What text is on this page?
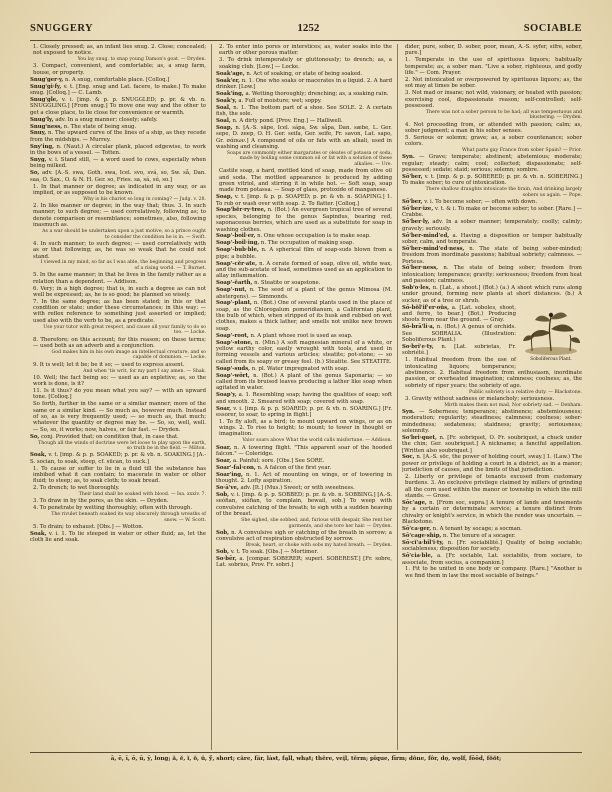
SNUGGERY	1252	SOCIABLE

1. Closely pressed; as, an infant lies snug. 2. Close; concealed; not exposed to notice.

You lay snug, to snap young Damon's goat. — Dryden.

3. Compact, convenient, and comfortable; as, a snug farm, house, or property.

Snug'ger·y, n. A snug, comfortable place. [Colloq.]

Snug'gi·fy, v. t. [Eng. snug and Lat. facere, to make.] To make snug. [Colloq.] — C. Lamb.

Snug'gle, v. i. [imp. & p. p. SNUGGLED; p. pr. & vb. n. SNUGGLING.] [From snug.] To move one way and the other to get a close place, to lie close for convenience or warmth.

Snug'ly, adv. In a snug manner; closely; safely.

Snug'ness, n. The state of being snug.

Snuy, n. The upward curve of the lines of a ship, as they recede from the midships. — Murrey.

Sny'ing, n. (Naut.) A circular plank, placed edgewise, to work in the bows of a vessel. — Totten.

Snyg, v. i. Stand still, — a word used to cows, especially when being milked.

So, adv. [A.-S. swa, Goth. swa, Icel. svo, svá, so, Sw. så, Dan. saa, O. Sax., O. & N. H. Ger. so, Fries. sa, sá, sú, so.]

1. In that manner or degree; as indicated in any way, or as implied, or as supposed to be known.

Why is his chariot so long in coming? — Judg. v. 28.

2. In like manner or degree; in the way that; thus. 3. In such manner; to such degree; — used correlatively, following as; to denote comparison or resemblance; sometimes, also, following inasmuch as.

As a war should be undertaken upon a just motive, so a prince ought to consider the condition he is in. — Swift.

4. In such manner; to such degree; — used correlatively with as or that following; as, he was so weak that he could not stand.

I viewed in my mind, so far as I was able, the beginning and progress of a rising world. — T. Burnet.

5. In the same manner; in that he lives in the family rather as a relation than a dependent. — Addison.

6. Very; in a high degree; that is, in such a degree as can not well be expressed; as, he is so good; he planned so wisely.

7. In the same degree; as has been stated; in this or that condition or state; under these circumstances; in this way; — with reflex reference to something just asserted or implied; used also with the verb to be, as a predicate.

Use your tutor with great respect, and cause all your family to do so too. — Locke.

8. Therefore; on this account; for this reason; on these terms; — used both as an adverb and a conjunction.

God makes him in his own image an intellectual creature, and so capable of dominion. — Locke.

9. It is well; let it be; be it so; — used to express assent.

And when 'tis writ, for my part I say amen. — Shak.

10. Well; the fact being so; — used as an expletive; as, so the work is done, is it?

11. Is it thus? do you mean what you say? — with an upward tone. [Colloq.]

So forth, further in the same or a similar manner; more of the same or a similar kind. — So much as, however much. Instead of so, as is very frequently used; — so much as, that much; whatever the quantity or degree may be. — So, so, well, well. — So, so, it works; now, halves, or fair fast. — Dryden.

So, conj. Provided that; on condition that, in case that.

Though all the winds of doctrine were let loose to play upon the earth, so truth be in the field. — Milton.

Soak, v. t. [imp. & p. p. SOAKED; p. pr. & vb. n. SOAKING.] [A.-S. socian, to soak, steep, cf. sūcan, to suck.]

1. To cause or suffer to lie in a fluid till the substance has imbibed what it can contain; to macerate in water or other fluid; to steep; as, to soak cloth; to soak bread.

2. To drench; to wet thoroughly.

Their land shall be soaked with blood. — Isa. xxxiv. 7.

3. To draw in by the pores, as the skin. — Dryden.

4. To penetrate by wetting thoroughly; often with through.

The rivulet beneath soaked its way obscurely through wreaths of snow. — W. Scott.

5. To drain; to exhaust. [Obs.] — Wotton.

Soak, v. i. 1. To lie steeped in water or other fluid; as, let the cloth lie and soak.

2. To enter into pores or interstices; as, water soaks into the earth or other porous matter.

3. To drink intemperately or gluttonously; to drench; as, a soaking club. [Low.] — Locke.

Soak'age, n. Act of soaking, or state of being soaked.

Soak'er, n. 1. One who soaks or macerates in a liquid. 2. A hard drinker. [Low.]

Soak'ing, a. Wetting thoroughly; drenching; as, a soaking rain.

Soak'y, a. Full of moisture; wet; soppy.

Soal, n. 1. The bottom part of a shoe. See SOLE. 2. A certain fish, the sole.

Soal, n. A dirty pond. [Prov. Eng.] — Halliwell.

Soap, n. [A.-S. sāpe, Icel. sápa, Sw. såpa, Dan. sæbe, L. Ger. sepe, D. zeep, O. H. Ger. seifa, Ger. seife, Fr. savon, Lat. sapo, Gr. σάπων.] A compound of oils or fats with an alkali, used in washing and cleansing.

Soaps are commonly either margarates or oleates of potassa or soda, made by boiling some common oil or fat with a solution of these alkalies. — Ure.

Castile soap, a hard, mottled kind of soap, made from olive oil and soda. The mottled appearance is produced by adding green vitriol, and stirring it in while hot. — Soft soap, soap made from potassa. — Soap of glass, protoxide of manganese.

Soap, v. t. [imp. & p. p. SOAPED; p. pr. & vb. n. SOAPING.] 1. To rub or wash over with soap. 2. To flatter. [Colloq.]

Soap'bĕr·ry·tree, n. (Bot.) An evergreen tropical tree of several species, belonging to the genus Sapindus, bearing red, saponaceous berries, which are used as a substitute for soap in washing clothes.

Soap'-boil·er, n. One whose occupation is to make soap.

Soap'-boil·ing, n. The occupation of making soap.

Soap'-bub·ble, n. A spherical film of soap-suds blown from a pipe; a bubble.

Soap'-cĕr·ate, n. A cerate formed of soap, olive oil, white wax, and the sub-acetate of lead, sometimes used as an application to allay inflammation.

Soap'-ĕarth, n. Steatite or soapstone.

Soap'-nut, n. The seed of a plant of the genus Mimosa (M. abstergens). — Simmonds.

Soap'-plant, n. (Bot.) One of several plants used in the place of soap, as the Chlorogalum pomeridianum, a Californian plant, the bulb of which, when stripped of its husk and rubbed on wet clothes, makes a thick lather, and smells not unlike new brown soap.

Soap'-root, n. A plant whose root is used as soap.

Soap'-stone, n. (Min.) A soft magnesian mineral of a white, or yellow earthy color, easily wrought with tools, and used in forming vessels and various articles; steatite; pot-stone; — so called from its soapy or greasy feel. (b.) Steatite. See STEATITE.

Soap'-suds, n. pl. Water impregnated with soap.

Soap'-wört, n. (Bot.) A plant of the genus Saponaria; — so called from its bruised leaves producing a lather like soap when agitated in water.

Soap'y, a. 1. Resembling soap; having the qualities of soap; soft and smooth. 2. Smeared with soap; covered with soap.

Soar, v. i. [imp. & p. p. SOARED; p. pr. & vb. n. SOARING.] [Fr. essorer, to soar, to spring in flight.]

1. To fly aloft, as a bird; to mount upward on wings, or as on wings. 2. To rise to height; to mount; to tower in thought or imagination.

Valor soars above What the world calls misfortune. — Addison.

Soar, n. A towering flight. "This apparent soar of the hooded falcon." — Coleridge.

Soar, a. Painful; sore. [Obs.] See SORE.

Soar'-fal·con, n. A falcon of the first year.

Soar'ing, n. 1. Act of mounting on wings, or of towering in thought. 2. Lofty aspiration.

So·ā've, adv. [It.] (Mus.) Sweet; or with sweetness.

Sob, v. i. [imp. & p. p. SOBBED; p. pr. & vb. n. SOBBING.] [A.-S. seófian, siófian, to complain, bewail, sob.] To weep with convulsive catching of the breath; to sigh with a sudden heaving of the breast.

She sighed, she sobbed, and, furious with despair, She rent her garments, and she tore her hair. — Dryden.

Sob, n. A convulsive sigh or catching of the breath in sorrow; a convulsive act of respiration obstructed by sorrow.

Break, heart, or choke with sobs my hated breath. — Dryden.

Sob, v. t. To soak. [Obs.] — Mortimer.

So·bēr, a. [compar. SOBERER; superl. SOBEREST.] [Fr. sobre, Lat. sobrius, Prov. Fr. sobri.]

dider, pure, sober, D. sober, poor, mean, A.-S. sýfer, sifre, sober, pure.]

1. Temperate in the use of spirituous liquors; habitually temperate; as, a sober man. "Live a sober, righteous, and godly life." — Com. Prayer.

2. Not intoxicated or overpowered by spirituous liquors; as, the sot may at times be sober.

3. Not mad or insane; not wild, visionary, or heated with passion; exercising cool, dispassionate reason; self-controlled; self-possessed.

There was not a sober person to be had; all was tempestuous and blustering. — Dryden.

4. Not proceeding from, or attended with passion; calm; as, sober judgment; a man in his sober senses.

5. Serious or solemn; grave; as, a sober countenance; sober colors.

What parts gay France from sober Spain? — Prior.

Syn. — Grave; temperate; abstinent; abstemious; moderate; regular; steady; calm; cool; collected; dispassionate; self-possessed; sedate; staid; serious; solemn; sombre.

Sō'ber, v. t. [imp. & p. p. SOBERED; p. pr. & vb. n. SOBERING.] To make sober; to cure of intoxication.

There shallow draughts intoxicate the brain, And drinking largely sobers us again. — Pope.

Sō'ber, v. i. To become sober; — often with down.

Sō'ber·ize, v. t. & i. To make or become sober; to sober. [Rare.] — Crabbe.

Sō'ber·ly, adv. In a sober manner; temperately; coolly; calmly; gravely; seriously.

Sō'ber-mind'ed, a. Having a disposition or temper habitually sober, calm, and temperate.

Sō'ber-mind'ed·ness, n. The state of being sober-minded; freedom from inordinate passions; habitual sobriety; calmness. — Porteus.

Sō'ber·ness, n. The state of being sober; freedom from intoxication; temperance; gravity; seriousness; freedom from heat and passion; calmness.

Sob'o·les, n. [Lat., a shoot.] (Bot.) (a.) A shoot which runs along under ground, forming new plants at short distances. (b.) A sucker, as of a tree or shrub.

Soboliferous Plant.

Sō-bŏl'if'er·oŭs, a. [Lat. soboles, shoot, and ferre, to bear.] (Bot.) Producing shoots from near the ground. — Gray.

Sō-brā'li·a, n. (Bot.) A genus of orchids. See SOBRALIA. (Illustration: Soboliferous Plant.)

So·bri'e·ty, n. [Lat. sobrietas, Fr. sobriété.]

1. Habitual freedom from the use of intoxicating liquors; temperance; abstinence. 2. Habitual freedom from enthusiasm, inordinate passion, or overheated imagination; calmness; coolness; as, the sobriety of riper years; the sobriety of age.

Public sobriety is a relative duty. — Blackstone.

3. Gravity without sadness or melancholy; seriousness.

Mirth makes them not mad, Nor sobriety sad. — Denham.

Syn. — Soberness; temperance; abstinence; abstemiousness; moderation; regularity; steadiness; calmness; coolness; sober-mindedness; sedateness; staidness; gravity; seriousness; solemnity.

So'bri·quet, n. [Fr. sobriquet, O. Fr. soubriquet, a chuck under the chin; Ger. soubriquet.] A nickname; a fanciful appellation. [Written also soubriquet.]

Soc, n. [A.-S. sōc, the power of holding court, sway.] 1. (Law.) The power or privilege of holding a court in a district, as in a manor; jurisdiction of causes, and the limits of that jurisdiction.

2. Liberty or privilege of tenants excused from customary burdens. 3. An exclusive privilege claimed by millers of grinding all the corn used within the manor or township in which the mill stands. — Grose.

Sōc'age, n. [From soc, supra.] A tenure of lands and tenements by a certain or determinate service; a tenure distinct from chivalry or knight's service, in which the render was uncertain. — Blackstone.

Sō'ca·ger, n. A tenant by socage; a socman.

Sō'cage·ship, n. The tenure of a socager.

Sō·cĭ'a·bil'i·ty, n. [Fr. sociabilité.] Quality of being sociable; sociableness; disposition for society.

Sō'cia·ble, a. [Fr. sociable, Lat. sociabilis, from sociare, to associate, from socius, a companion.]

1. Fit to be united in one body or company. [Rare.] "Another is we find them in law the most sociable of beings."

ā, ē, ī, ō, ū, ȳ, long; ă, ĕ, ĭ, ŏ, ŭ, ў, short; câre, fär, lȧst, fąll, whạt; thêre, veįl, tẽrm; pïque, fīrm; dône, fôr, dọ, wọlf, fōōd, fŏŏt;
